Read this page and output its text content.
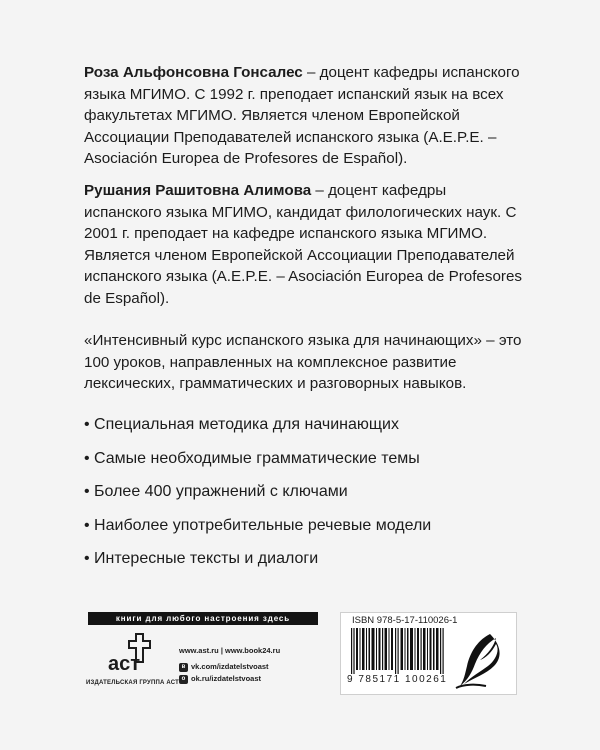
Роза Альфонсовна Гонсалес – доцент кафедры испанского языка МГИМО. С 1992 г. преподает испанский язык на всех факультетах МГИМО. Является членом Европейской Ассоциации Преподавателей испанского языка (A.E.P.E. – Asociación Europea de Profesores de Español).

Рушания Рашитовна Алимова – доцент кафедры испанского языка МГИМО, кандидат филологических наук. С 2001 г. преподает на кафедре испанского языка МГИМО. Является членом Европейской Ассоциации Преподавателей испанского языка (A.E.P.E. – Asociación Europea de Profesores de Español).

«Интенсивный курс испанского языка для начинающих» – это 100 уроков, направленных на комплексное развитие лексических, грамматических и разговорных навыков.

• Специальная методика для начинающих
• Самые необходимые грамматические темы
• Более 400 упражнений с ключами
• Наиболее употребительные речевые модели
• Интересные тексты и диалоги
книги для любого настроения здесь
аст
ИЗДАТЕЛЬСКАЯ ГРУППА АСТ
www.ast.ru | www.book24.ru
в vk.com/izdatelstvoast
о ok.ru/izdatelstvoast
ISBN 978-5-17-110026-1
9 785171 100261
